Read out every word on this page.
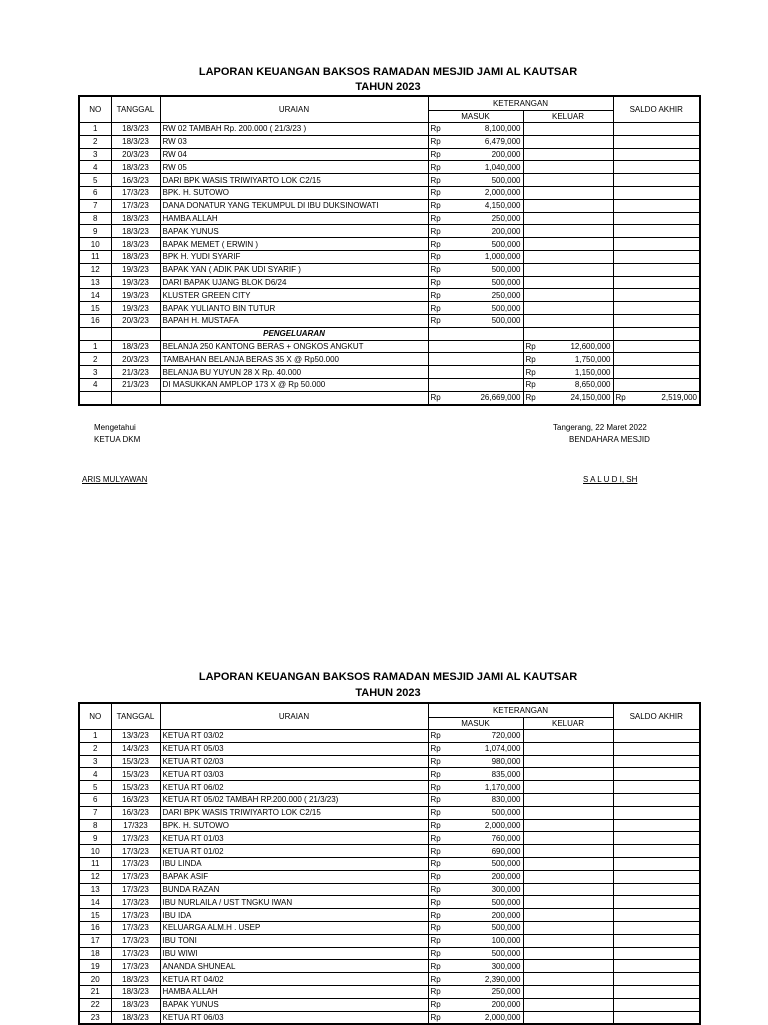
LAPORAN KEUANGAN BAKSOS RAMADAN MESJID JAMI AL KAUTSAR
TAHUN 2023
NO	TANGGAL	URAIAN	KETERANGAN		SALDO AKHIR
			MASUK	KELUAR	
1	18/3/23	RW 02 TAMBAH Rp. 200.000 ( 21/3/23 )	Rp 8,100,000		

2	18/3/23	RW 03	Rp 6,479,000		

3	20/3/23	RW 04	Rp 200,000		

4	18/3/23	RW 05	Rp 1,040,000		

5	16/3/23	DARI BPK WASIS TRIWIYARTO LOK C2/15	Rp 500,000		

6	17/3/23	BPK. H. SUTOWO	Rp 2,000,000		

7	17/3/23	DANA DONATUR YANG TEKUMPUL DI IBU DUKSINOWATI	Rp 4,150,000		

8	18/3/23	HAMBA ALLAH	Rp 250,000		

9	18/3/23	BAPAK YUNUS	Rp 200,000		

10	18/3/23	BAPAK MEMET ( ERWIN )	Rp 500,000		

11	18/3/23	BPK H. YUDI SYARIF	Rp 1,000,000		

12	19/3/23	BAPAK YAN ( ADIK PAK UDI SYARIF )	Rp 500,000		

13	19/3/23	DARI BAPAK UJANG BLOK D6/24	Rp 500,000		

14	19/3/23	KLUSTER GREEN CITY	Rp 250,000		

15	19/3/23	BAPAK YULIANTO BIN TUTUR	Rp 500,000		

16	20/3/23	BAPAH H. MUSTAFA	Rp 500,000		

		PENGELUARAN			
1	18/3/23	BELANJA 250 KANTONG BERAS + ONGKOS ANGKUT		Rp 12,600,000	

2	20/3/23	TAMBAHAN BELANJA BERAS 35 X @ Rp50.000		Rp 1,750,000	

3	21/3/23	BELANJA BU YUYUN 28 X Rp. 40.000		Rp 1,150,000	

4	21/3/23	DI MASUKKAN AMPLOP 173 X @ Rp 50.000		Rp 8,650,000	

			Rp 26,669,000	Rp 24,150,000	Rp 2,519,000
Mengetahui
KETUA DKM
Tangerang, 22 Maret 2022
BENDAHARA MESJID
ARIS MULYAWAN	S A L U D I, SH
LAPORAN KEUANGAN BAKSOS RAMADAN MESJID JAMI AL KAUTSAR
TAHUN 2023
NO	TANGGAL	URAIAN	KETERANGAN		SALDO AKHIR
			MASUK	KELUAR	
1	13/3/23	KETUA RT 03/02	Rp 720,000		

2	14/3/23	KETUA RT 05/03	Rp 1,074,000		

3	15/3/23	KETUA RT 02/03	Rp 980,000		

4	15/3/23	KETUA RT 03/03	Rp 835,000		

5	15/3/23	KETUA RT 06/02	Rp 1,170,000		

6	16/3/23	KETUA RT 05/02 TAMBAH RP.200.000 ( 21/3/23)	Rp 830,000		

7	16/3/23	DARI BPK WASIS TRIWIYARTO LOK C2/15	Rp 500,000		

8	17/323	BPK. H. SUTOWO	Rp 2,000,000		

9	17/3/23	KETUA RT 01/03	Rp 760,000		

10	17/3/23	KETUA RT 01/02	Rp 690,000		

11	17/3/23	IBU LINDA	Rp 500,000		

12	17/3/23	BAPAK ASIF	Rp 200,000		

13	17/3/23	BUNDA RAZAN	Rp 300,000		

14	17/3/23	IBU NURLAILA / UST TNGKU IWAN	Rp 500,000		

15	17/3/23	IBU IDA	Rp 200,000		

16	17/3/23	KELUARGA ALM.H . USEP	Rp 500,000		

17	17/3/23	IBU TONI	Rp 100,000		

18	17/3/23	IBU WIWI	Rp 500,000		

19	17/3/23	ANANDA SHUNEAL	Rp 300,000		

20	18/3/23	KETUA RT 04/02	Rp 2,390,000		

21	18/3/23	HAMBA ALLAH	Rp 250,000		

22	18/3/23	BAPAK YUNUS	Rp 200,000		

23	18/3/23	KETUA RT 06/03	Rp 2,000,000		
